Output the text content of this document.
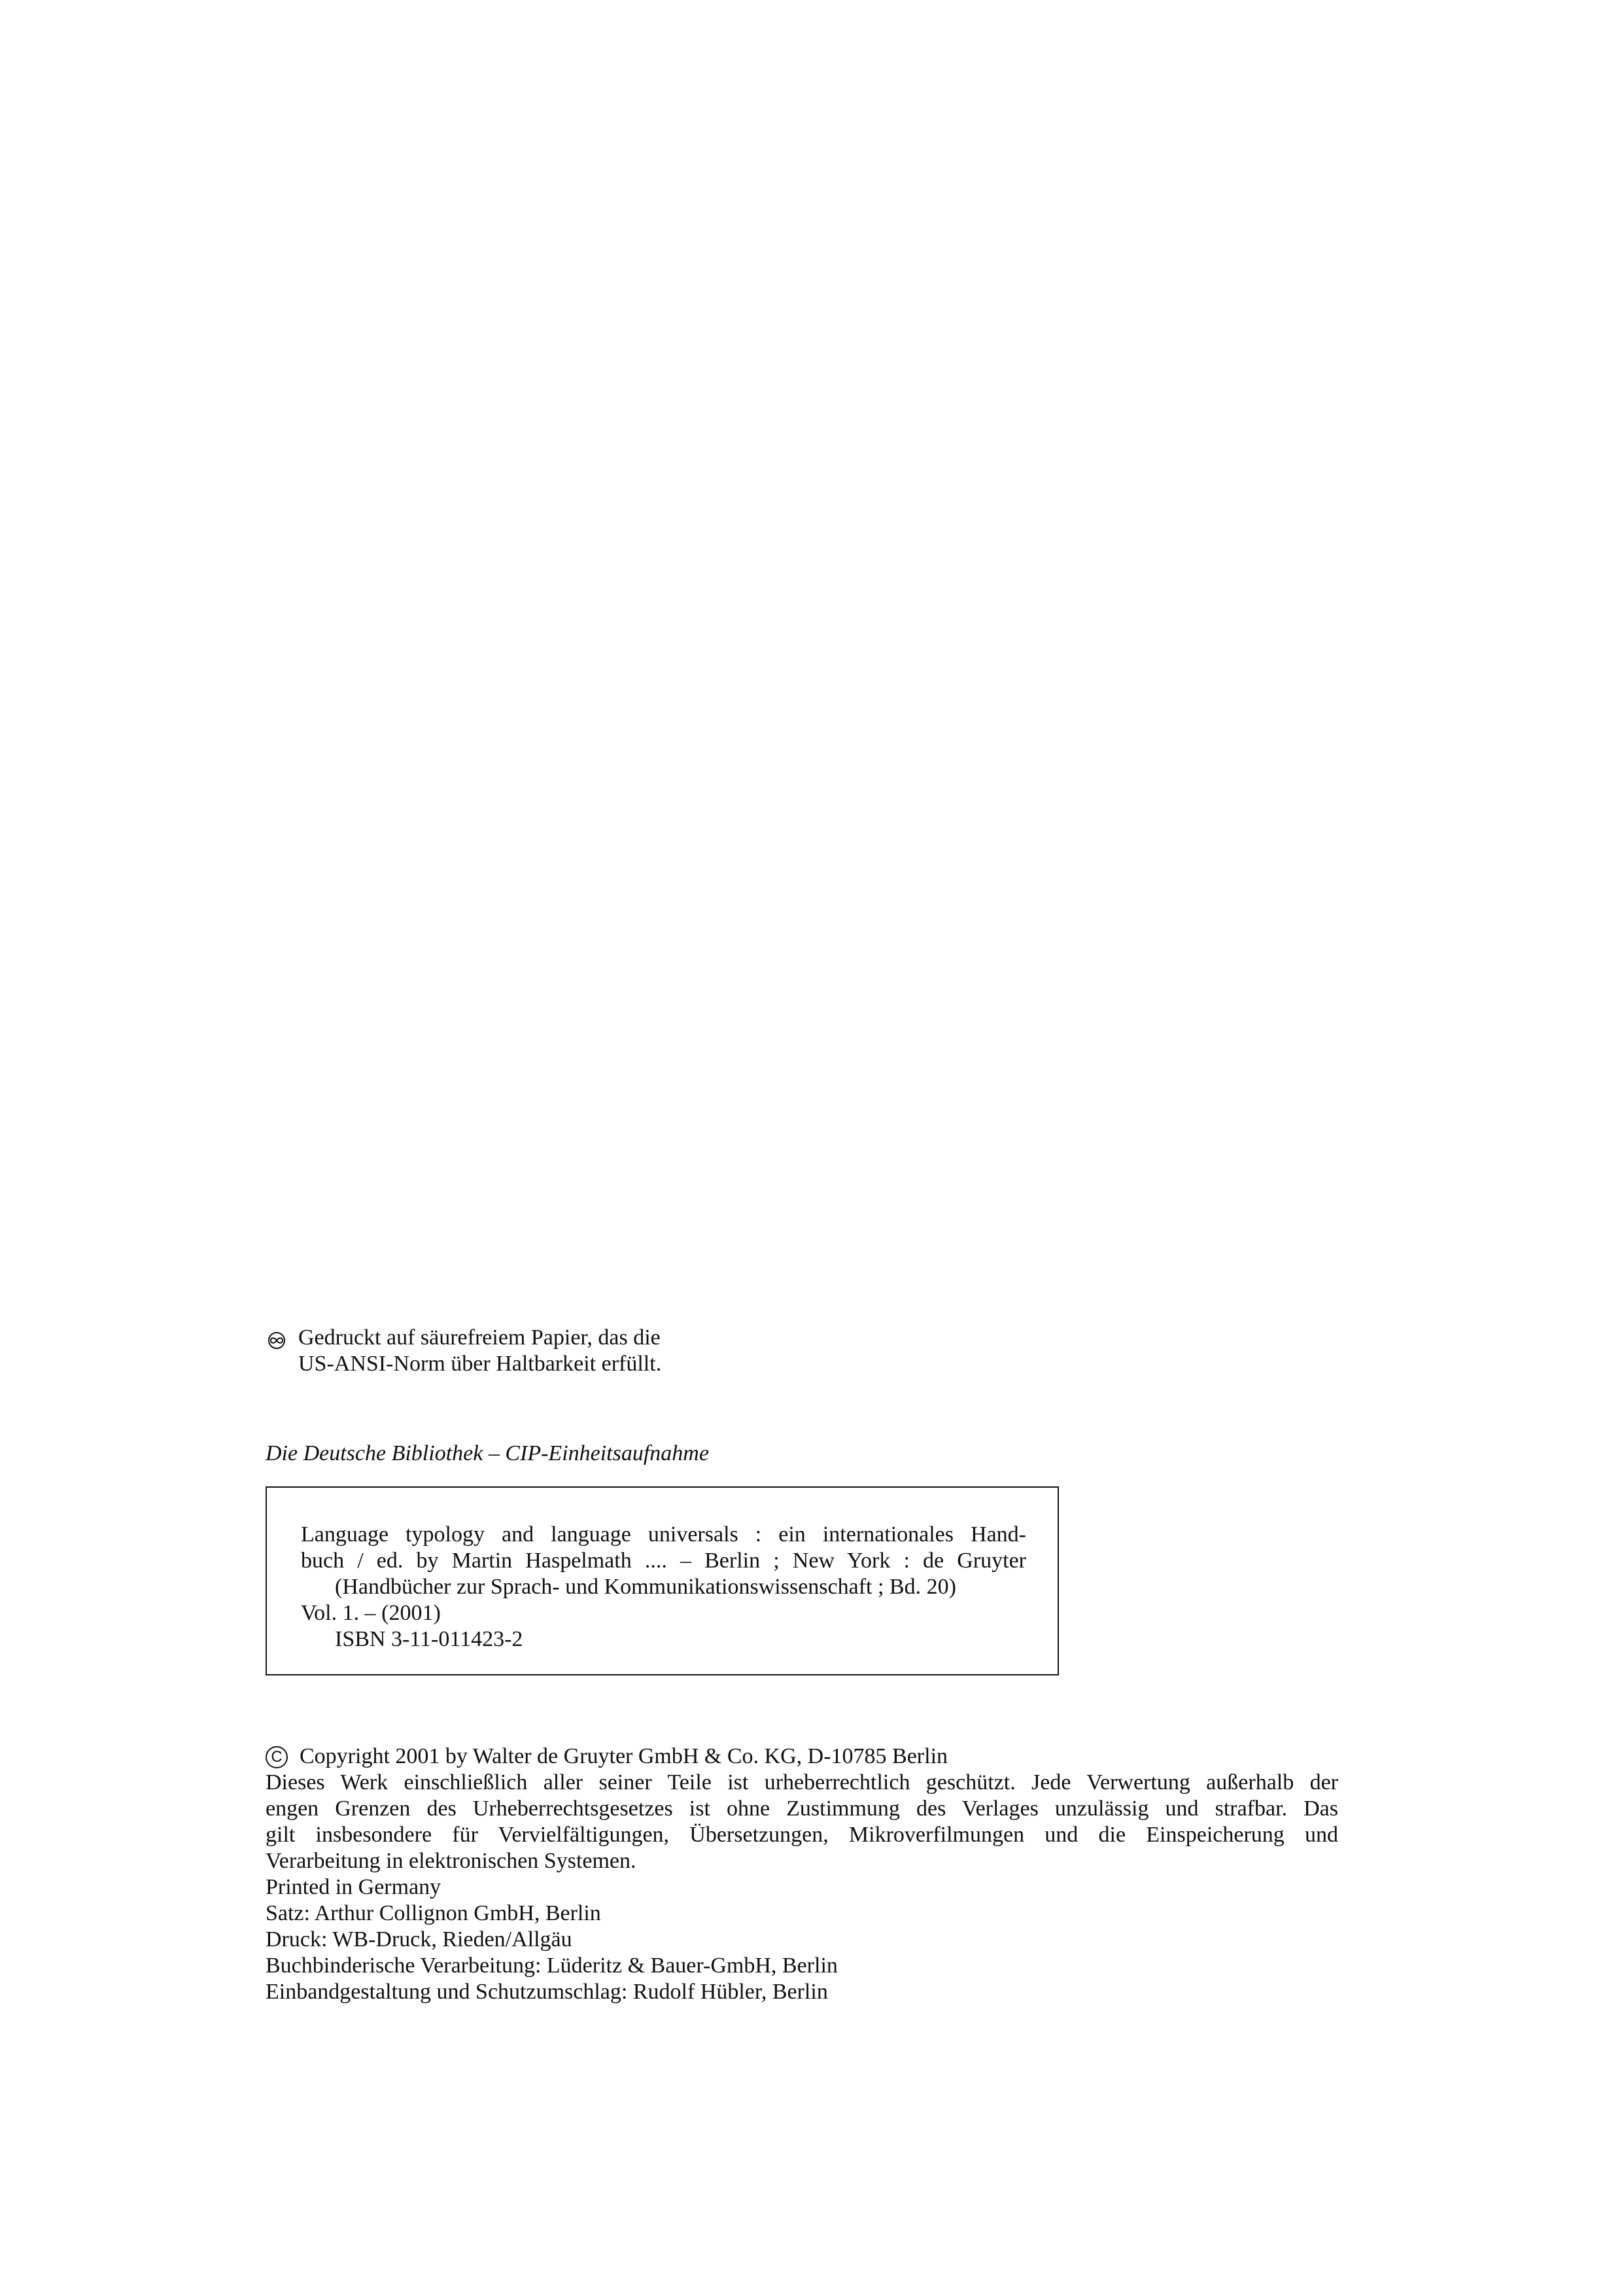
Gedruckt auf säurefreiem Papier, das die
US-ANSI-Norm über Haltbarkeit erfüllt.
Die Deutsche Bibliothek – CIP-Einheitsaufnahme
Language typology and language universals : ein internationales Hand-
buch / ed. by Martin Haspelmath .... – Berlin ; New York : de Gruyter
(Handbücher zur Sprach- und Kommunikationswissenschaft ; Bd. 20)
Vol. 1. – (2001)
ISBN 3-11-011423-2
C Copyright 2001 by Walter de Gruyter GmbH & Co. KG, D-10785 Berlin
Dieses Werk einschließlich aller seiner Teile ist urheberrechtlich geschützt. Jede Verwertung außerhalb der
engen Grenzen des Urheberrechtsgesetzes ist ohne Zustimmung des Verlages unzulässig und strafbar. Das
gilt insbesondere für Vervielfältigungen, Übersetzungen, Mikroverfilmungen und die Einspeicherung und
Verarbeitung in elektronischen Systemen.
Printed in Germany
Satz: Arthur Collignon GmbH, Berlin
Druck: WB-Druck, Rieden/Allgäu
Buchbinderische Verarbeitung: Lüderitz & Bauer-GmbH, Berlin
Einbandgestaltung und Schutzumschlag: Rudolf Hübler, Berlin
